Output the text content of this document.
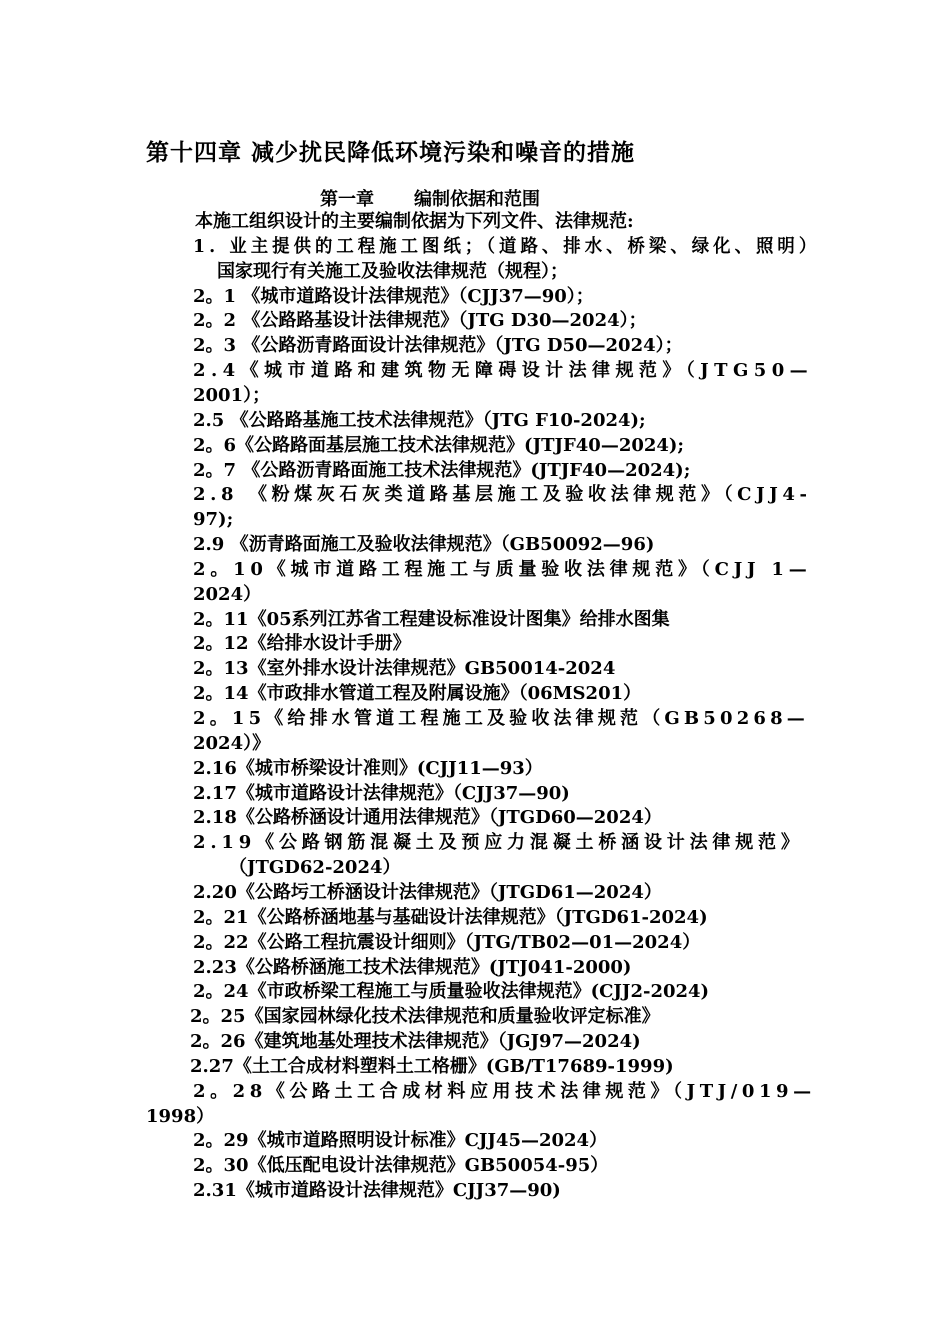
第十四章 减少扰民降低环境污染和噪音的措施
第一章 编制依据和范围
本施工组织设计的主要编制依据为下列文件、法律规范:
1. 业主提供的工程施工图纸；（道路、排水、桥梁、绿化、照明）
国家现行有关施工及验收法律规范（规程）；
2。1 《城市道路设计法律规范》（CJJ37—90）；
2。2 《公路路基设计法律规范》（JTG D30—2024）；
2。3 《公路沥青路面设计法律规范》（JTG D50—2024）；
2.4《城市道路和建筑物无障碍设计法律规范》（JTG50—
2001）；
2.5 《公路路基施工技术法律规范》（JTG F10-2024);
2。6《公路路面基层施工技术法律规范》(JTJF40—2024);
2。7 《公路沥青路面施工技术法律规范》(JTJF40—2024);
2.8 《粉煤灰石灰类道路基层施工及验收法律规范》（CJJ4-
97);
2.9 《沥青路面施工及验收法律规范》（GB50092—96)
2。10《城市道路工程施工与质量验收法律规范》（CJJ 1—
2024）
2。11《05系列江苏省工程建设标准设计图集》给排水图集
2。12《给排水设计手册》
2。13《室外排水设计法律规范》GB50014-2024
2。14《市政排水管道工程及附属设施》（06MS201）
2。15《给排水管道工程施工及验收法律规范（GB50268—
2024）》
2.16《城市桥梁设计准则》(CJJ11—93）
2.17《城市道路设计法律规范》（CJJ37—90)
2.18《公路桥涵设计通用法律规范》（JTGD60—2024）
2.19《公路钢筋混凝土及预应力混凝土桥涵设计法律规范》
（JTGD62-2024）
2.20《公路圬工桥涵设计法律规范》（JTGD61—2024）
2。21《公路桥涵地基与基础设计法律规范》（JTGD61-2024)
2。22《公路工程抗震设计细则》（JTG/TB02—01—2024）
2.23《公路桥涵施工技术法律规范》(JTJ041-2000)
2。24《市政桥梁工程施工与质量验收法律规范》(CJJ2-2024)
2。25《国家园林绿化技术法律规范和质量验收评定标准》
2。26《建筑地基处理技术法律规范》（JGJ97—2024)
2.27《土工合成材料塑料土工格栅》(GB/T17689-1999)
2。28《公路土工合成材料应用技术法律规范》（JTJ/019—
1998）
2。29《城市道路照明设计标准》CJJ45—2024）
2。30《低压配电设计法律规范》GB50054-95）
2.31《城市道路设计法律规范》CJJ37—90)
